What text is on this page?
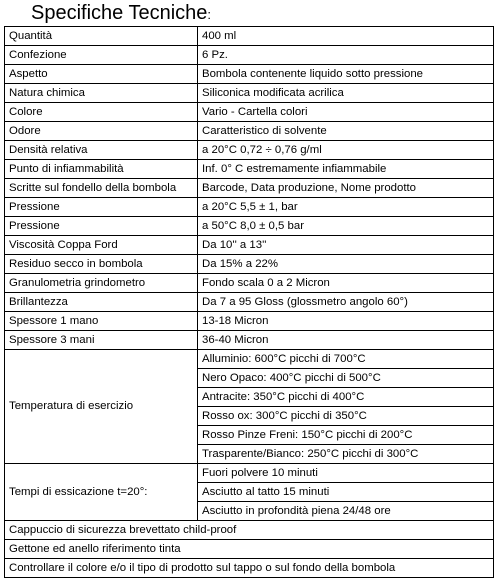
Specifiche Tecniche:
Quantità	400 ml
Confezione	6 Pz.
Aspetto	Bombola contenente liquido sotto pressione
Natura chimica	Siliconica modificata acrilica
Colore	Vario - Cartella colori
Odore	Caratteristico di solvente
Densità relativa	a 20°C 0,72 ÷ 0,76 g/ml
Punto di infiammabilità	Inf. 0° C estremamente infiammabile
Scritte sul fondello della bombola	Barcode, Data produzione, Nome prodotto
Pressione	a 20°C 5,5 ± 1, bar
Pressione	a 50°C 8,0 ± 0,5 bar
Viscosità Coppa Ford	Da 10'' a 13''
Residuo secco in bombola	Da 15% a 22%
Granulometria grindometro	Fondo scala 0 a 2 Micron
Brillantezza	Da 7 a 95 Gloss (glossmetro angolo 60°)
Spessore 1 mano	13-18 Micron
Spessore 3 mani	36-40 Micron
Temperatura di esercizio	Alluminio: 600°C picchi di 700°C
	Nero Opaco: 400°C picchi di 500°C
	Antracite: 350°C picchi di 400°C
	Rosso ox: 300°C picchi di 350°C
	Rosso Pinze Freni: 150°C picchi di 200°C
	Trasparente/Bianco: 250°C picchi di 300°C
Tempi di essicazione t=20°:	Fuori polvere 10 minuti
	Asciutto al tatto 15 minuti
	Asciutto in profondità piena 24/48 ore
Cappuccio di sicurezza brevettato child-proof	
Gettone ed anello riferimento tinta	
Controllare il colore e/o il tipo di prodotto sul tappo o sul fondo della bombola	
